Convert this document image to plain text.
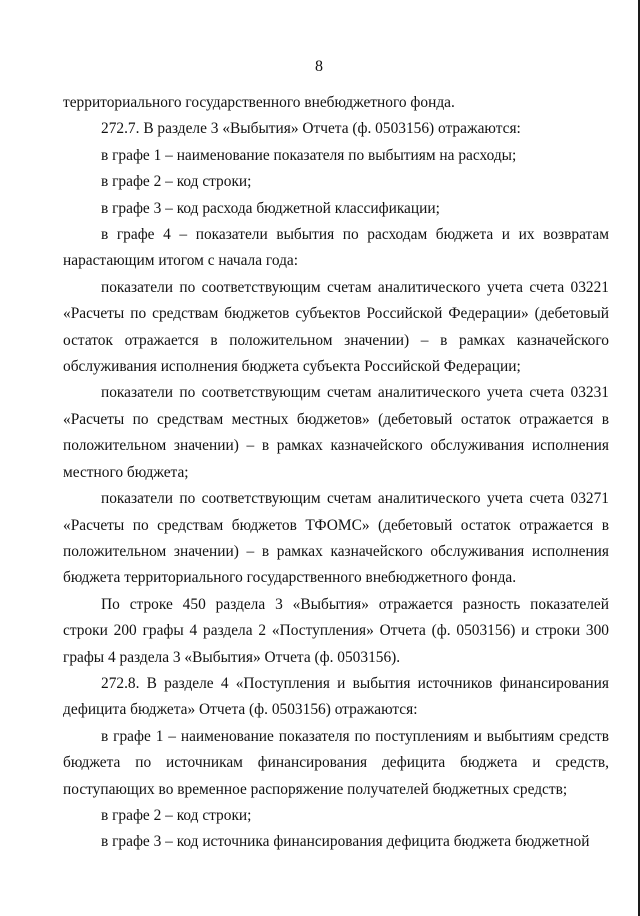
8

территориального государственного внебюджетного фонда.

272.7. В разделе 3 «Выбытия» Отчета (ф. 0503156) отражаются:

в графе 1 – наименование показателя по выбытиям на расходы;

в графе 2 – код строки;

в графе 3 – код расхода бюджетной классификации;

в графе 4 – показатели выбытия по расходам бюджета и их возвратам нарастающим итогом с начала года:

показатели по соответствующим счетам аналитического учета счета 03221 «Расчеты по средствам бюджетов субъектов Российской Федерации» (дебетовый остаток отражается в положительном значении) – в рамках казначейского обслуживания исполнения бюджета субъекта Российской Федерации;

показатели по соответствующим счетам аналитического учета счета 03231 «Расчеты по средствам местных бюджетов» (дебетовый остаток отражается в положительном значении) – в рамках казначейского обслуживания исполнения местного бюджета;

показатели по соответствующим счетам аналитического учета счета 03271 «Расчеты по средствам бюджетов ТФОМС» (дебетовый остаток отражается в положительном значении) – в рамках казначейского обслуживания исполнения бюджета территориального государственного внебюджетного фонда.

По строке 450 раздела 3 «Выбытия» отражается разность показателей строки 200 графы 4 раздела 2 «Поступления» Отчета (ф. 0503156) и строки 300 графы 4 раздела 3 «Выбытия» Отчета (ф. 0503156).

272.8. В разделе 4 «Поступления и выбытия источников финансирования дефицита бюджета» Отчета (ф. 0503156) отражаются:

в графе 1 – наименование показателя по поступлениям и выбытиям средств бюджета по источникам финансирования дефицита бюджета и средств, поступающих во временное распоряжение получателей бюджетных средств;

в графе 2 – код строки;

в графе 3 – код источника финансирования дефицита бюджета бюджетной
